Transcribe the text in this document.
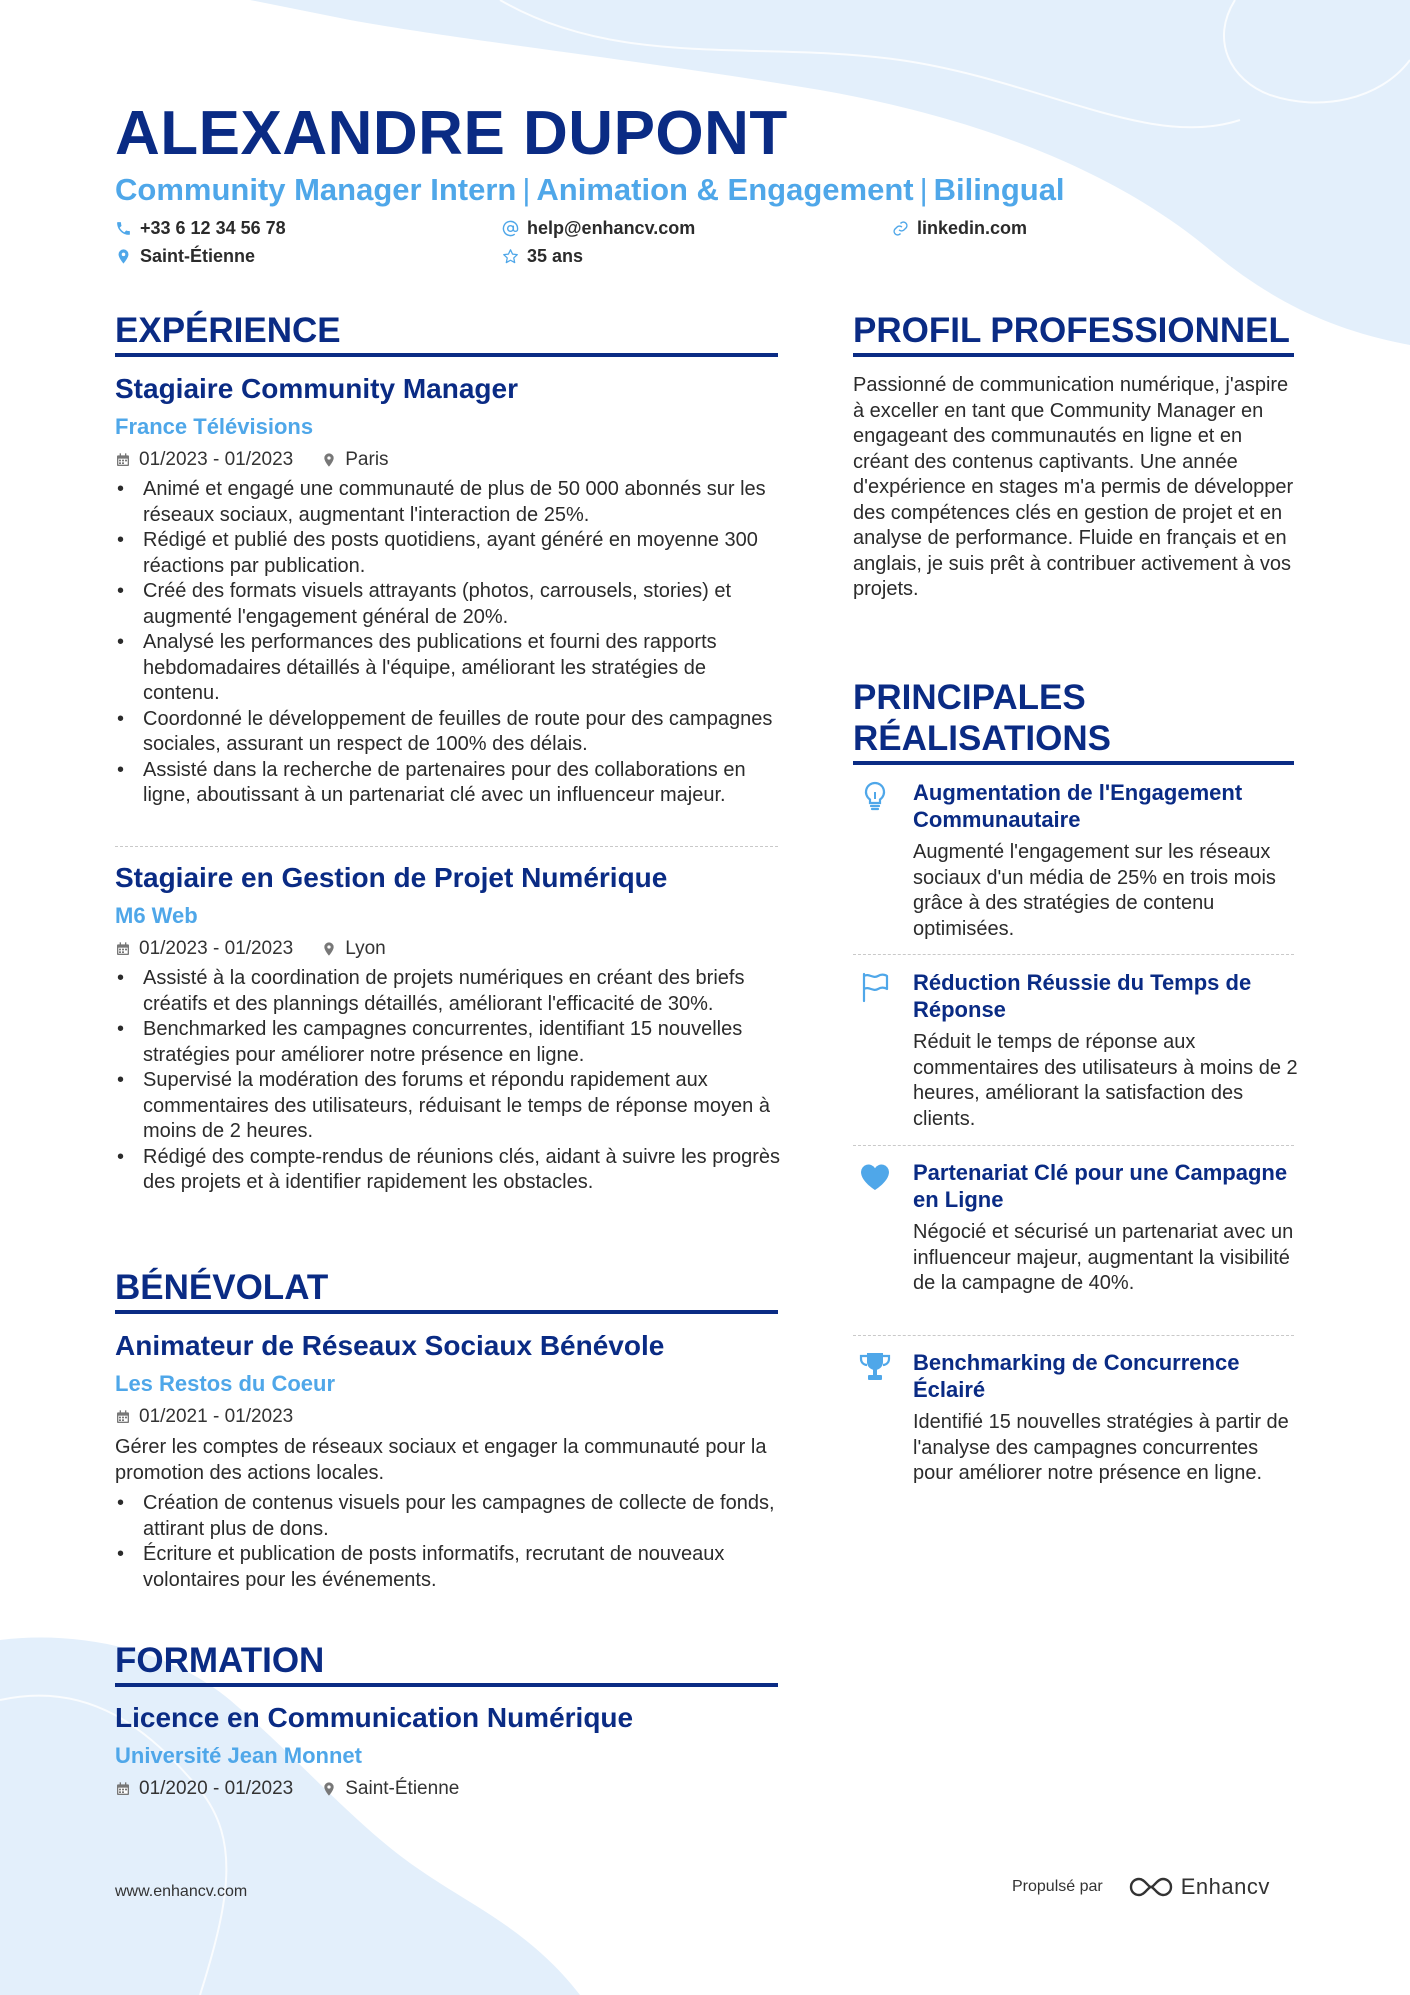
ALEXANDRE DUPONT
Community Manager Intern | Animation & Engagement | Bilingual
+33 6 12 34 56 78	help@enhancv.com	linkedin.com
Saint-Étienne	35 ans
EXPÉRIENCE
Stagiaire Community Manager
France Télévisions
01/2023 - 01/2023	Paris
• Animé et engagé une communauté de plus de 50 000 abonnés sur les réseaux sociaux, augmentant l'interaction de 25%.
• Rédigé et publié des posts quotidiens, ayant généré en moyenne 300 réactions par publication.
• Créé des formats visuels attrayants (photos, carrousels, stories) et augmenté l'engagement général de 20%.
• Analysé les performances des publications et fourni des rapports hebdomadaires détaillés à l'équipe, améliorant les stratégies de contenu.
• Coordonné le développement de feuilles de route pour des campagnes sociales, assurant un respect de 100% des délais.
• Assisté dans la recherche de partenaires pour des collaborations en ligne, aboutissant à un partenariat clé avec un influenceur majeur.
Stagiaire en Gestion de Projet Numérique
M6 Web
01/2023 - 01/2023	Lyon
• Assisté à la coordination de projets numériques en créant des briefs créatifs et des plannings détaillés, améliorant l'efficacité de 30%.
• Benchmarked les campagnes concurrentes, identifiant 15 nouvelles stratégies pour améliorer notre présence en ligne.
• Supervisé la modération des forums et répondu rapidement aux commentaires des utilisateurs, réduisant le temps de réponse moyen à moins de 2 heures.
• Rédigé des compte-rendus de réunions clés, aidant à suivre les progrès des projets et à identifier rapidement les obstacles.
BÉNÉVOLAT
Animateur de Réseaux Sociaux Bénévole
Les Restos du Coeur
01/2021 - 01/2023
Gérer les comptes de réseaux sociaux et engager la communauté pour la promotion des actions locales.
• Création de contenus visuels pour les campagnes de collecte de fonds, attirant plus de dons.
• Écriture et publication de posts informatifs, recrutant de nouveaux volontaires pour les événements.
FORMATION
Licence en Communication Numérique
Université Jean Monnet
01/2020 - 01/2023	Saint-Étienne
PROFIL PROFESSIONNEL
Passionné de communication numérique, j'aspire à exceller en tant que Community Manager en engageant des communautés en ligne et en créant des contenus captivants. Une année d'expérience en stages m'a permis de développer des compétences clés en gestion de projet et en analyse de performance. Fluide en français et en anglais, je suis prêt à contribuer activement à vos projets.
PRINCIPALES
RÉALISATIONS
Augmentation de l'Engagement Communautaire
Augmenté l'engagement sur les réseaux sociaux d'un média de 25% en trois mois grâce à des stratégies de contenu optimisées.
Réduction Réussie du Temps de Réponse
Réduit le temps de réponse aux commentaires des utilisateurs à moins de 2 heures, améliorant la satisfaction des clients.
Partenariat Clé pour une Campagne en Ligne
Négocié et sécurisé un partenariat avec un influenceur majeur, augmentant la visibilité de la campagne de 40%.
Benchmarking de Concurrence Éclairé
Identifié 15 nouvelles stratégies à partir de l'analyse des campagnes concurrentes pour améliorer notre présence en ligne.
www.enhancv.com	Propulsé par	Enhancv
